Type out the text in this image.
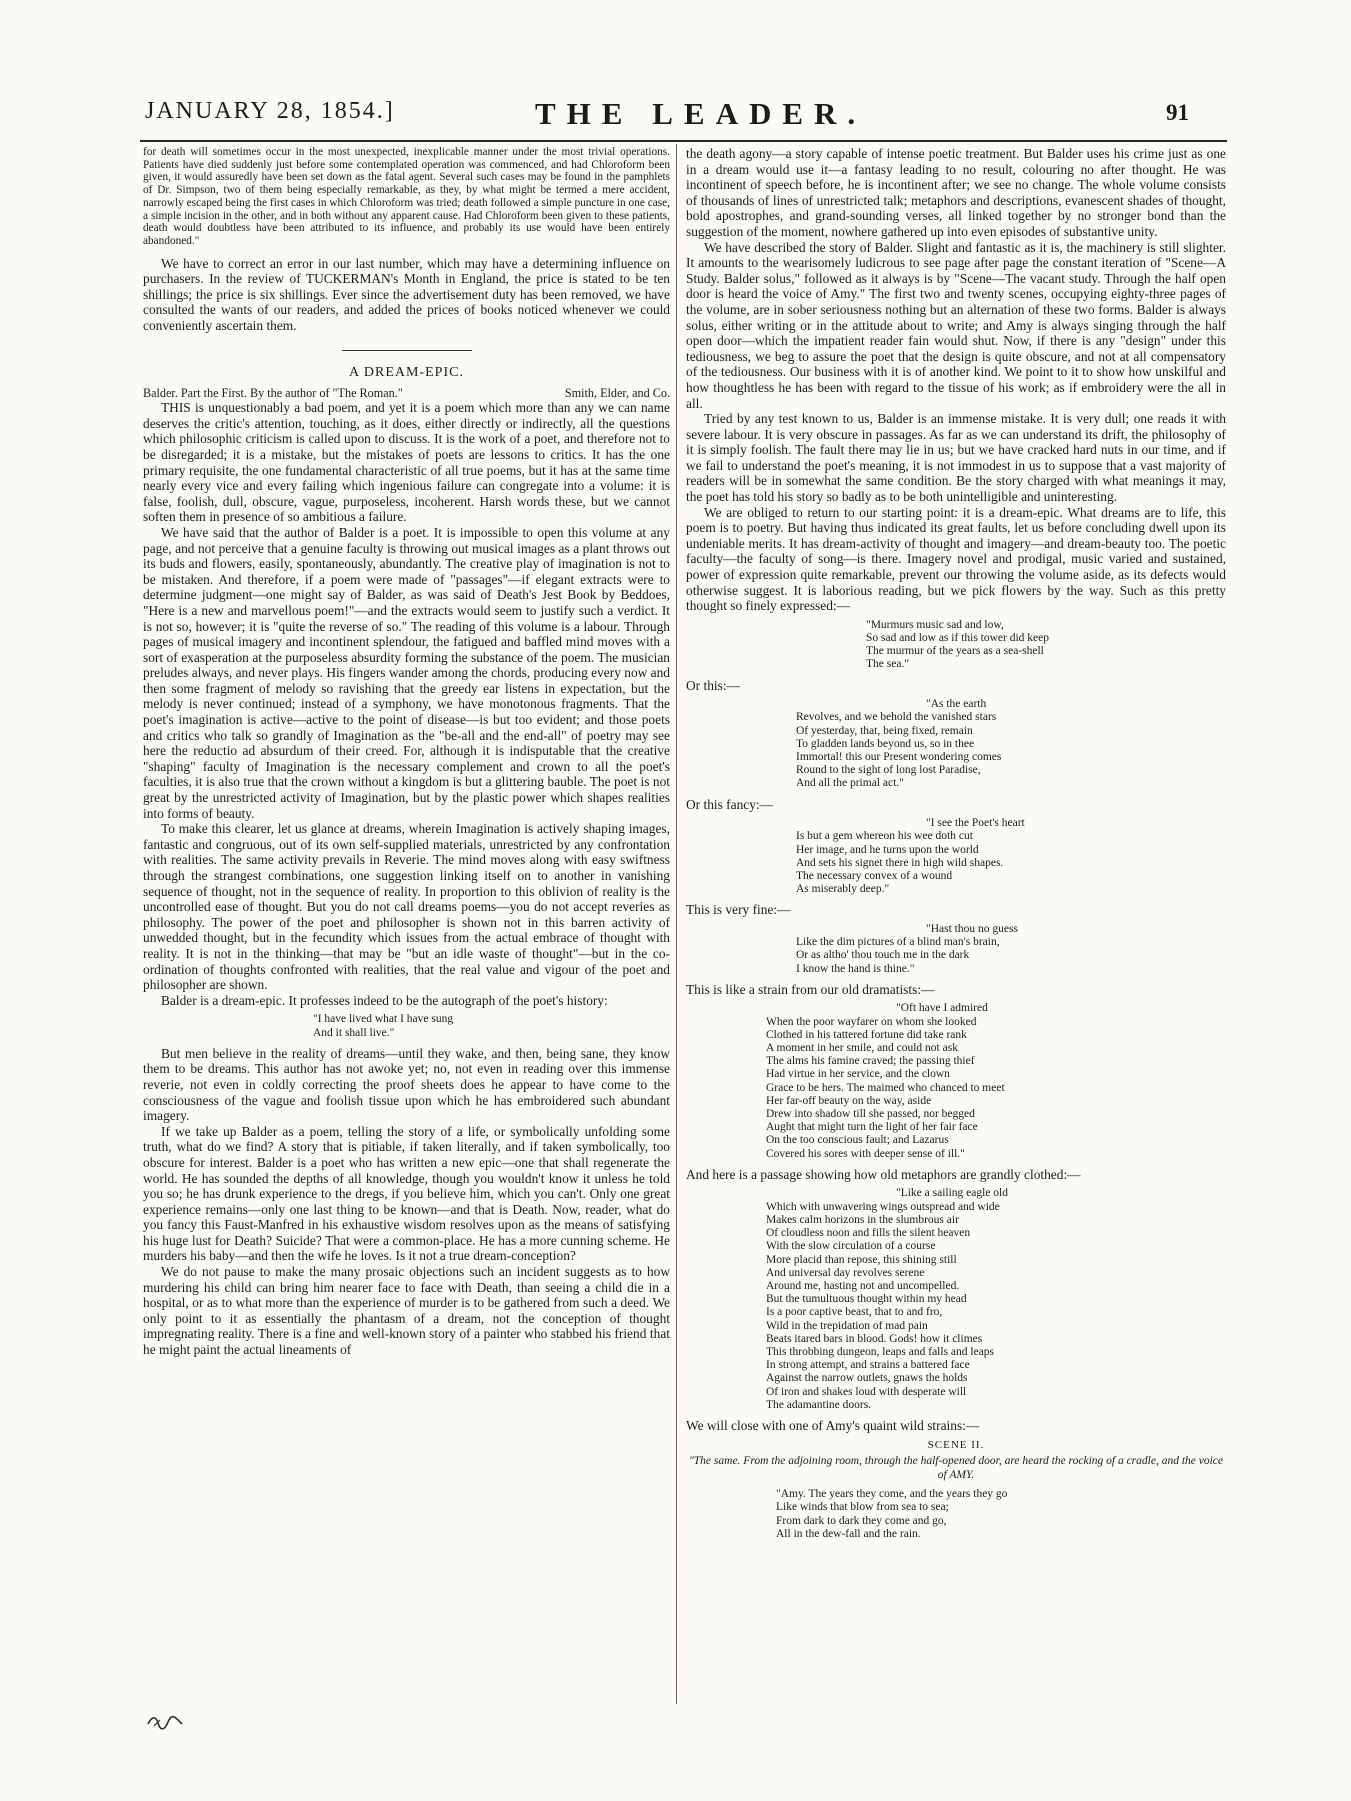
JANUARY 28, 1854.]	THE LEADER.	91

for death will sometimes occur in the most unexpected, inexplicable manner under the most trivial operations. Patients have died suddenly just before some contemplated operation was commenced, and had Chloroform been given, it would assuredly have been set down as the fatal agent. Several such cases may be found in the pamphlets of Dr. Simpson, two of them being especially remarkable, as they, by what might be termed a mere accident, narrowly escaped being the first cases in which Chloroform was tried; death followed a simple puncture in one case, a simple incision in the other, and in both without any apparent cause. Had Chloroform been given to these patients, death would doubtless have been attributed to its influence, and probably its use would have been entirely abandoned."

We have to correct an error in our last number, which may have a determining influence on purchasers. In the review of TUCKERMAN's Month in England, the price is stated to be ten shillings; the price is six shillings. Ever since the advertisement duty has been removed, we have consulted the wants of our readers, and added the prices of books noticed whenever we could conveniently ascertain them.

A DREAM-EPIC.
Balder. Part the First. By the author of "The Roman."	Smith, Elder, and Co.

THIS is unquestionably a bad poem, and yet it is a poem which more than any we can name deserves the critic's attention, touching, as it does, either directly or indirectly, all the questions which philosophic criticism is called upon to discuss. It is the work of a poet, and therefore not to be disregarded; it is a mistake, but the mistakes of poets are lessons to critics. It has the one primary requisite, the one fundamental characteristic of all true poems, but it has at the same time nearly every vice and every failing which ingenious failure can congregate into a volume: it is false, foolish, dull, obscure, vague, purposeless, incoherent. Harsh words these, but we cannot soften them in presence of so ambitious a failure.

We have said that the author of Balder is a poet. It is impossible to open this volume at any page, and not perceive that a genuine faculty is throwing out musical images as a plant throws out its buds and flowers, easily, spontaneously, abundantly. The creative play of imagination is not to be mistaken. And therefore, if a poem were made of "passages"—if elegant extracts were to determine judgment—one might say of Balder, as was said of Death's Jest Book by Beddoes, "Here is a new and marvellous poem!"—and the extracts would seem to justify such a verdict. It is not so, however; it is "quite the reverse of so." The reading of this volume is a labour. Through pages of musical imagery and incontinent splendour, the fatigued and baffled mind moves with a sort of exasperation at the purposeless absurdity forming the substance of the poem. The musician preludes always, and never plays. His fingers wander among the chords, producing every now and then some fragment of melody so ravishing that the greedy ear listens in expectation, but the melody is never continued; instead of a symphony, we have monotonous fragments. That the poet's imagination is active—active to the point of disease—is but too evident; and those poets and critics who talk so grandly of Imagination as the "be-all and the end-all" of poetry may see here the reductio ad absurdum of their creed. For, although it is indisputable that the creative "shaping" faculty of Imagination is the necessary complement and crown to all the poet's faculties, it is also true that the crown without a kingdom is but a glittering bauble. The poet is not great by the unrestricted activity of Imagination, but by the plastic power which shapes realities into forms of beauty.

To make this clearer, let us glance at dreams, wherein Imagination is actively shaping images, fantastic and congruous, out of its own self-supplied materials, unrestricted by any confrontation with realities. The same activity prevails in Reverie. The mind moves along with easy swiftness through the strangest combinations, one suggestion linking itself on to another in vanishing sequence of thought, not in the sequence of reality. In proportion to this oblivion of reality is the uncontrolled ease of thought. But you do not call dreams poems—you do not accept reveries as philosophy. The power of the poet and philosopher is shown not in this barren activity of unwedded thought, but in the fecundity which issues from the actual embrace of thought with reality. It is not in the thinking—that may be "but an idle waste of thought"—but in the co-ordination of thoughts confronted with realities, that the real value and vigour of the poet and philosopher are shown.

Balder is a dream-epic. It professes indeed to be the autograph of the poet's history:

"I have lived what I have sung
And it shall live."

But men believe in the reality of dreams—until they wake, and then, being sane, they know them to be dreams. This author has not awoke yet; no, not even in reading over this immense reverie, not even in coldly correcting the proof sheets does he appear to have come to the consciousness of the vague and foolish tissue upon which he has embroidered such abundant imagery.

If we take up Balder as a poem, telling the story of a life, or symbolically unfolding some truth, what do we find? A story that is pitiable, if taken literally, and if taken symbolically, too obscure for interest. Balder is a poet who has written a new epic—one that shall regenerate the world. He has sounded the depths of all knowledge, though you wouldn't know it unless he told you so; he has drunk experience to the dregs, if you believe him, which you can't. Only one great experience remains—only one last thing to be known—and that is Death. Now, reader, what do you fancy this Faust-Manfred in his exhaustive wisdom resolves upon as the means of satisfying his huge lust for Death? Suicide? That were a common-place. He has a more cunning scheme. He murders his baby—and then the wife he loves. Is it not a true dream-conception?

We do not pause to make the many prosaic objections such an incident suggests as to how murdering his child can bring him nearer face to face with Death, than seeing a child die in a hospital, or as to what more than the experience of murder is to be gathered from such a deed. We only point to it as essentially the phantasm of a dream, not the conception of thought impregnating reality. There is a fine and well-known story of a painter who stabbed his friend that he might paint the actual lineaments of

the death agony—a story capable of intense poetic treatment. But Balder uses his crime just as one in a dream would use it—a fantasy leading to no result, colouring no after thought. He was incontinent of speech before, he is incontinent after; we see no change. The whole volume consists of thousands of lines of unrestricted talk; metaphors and descriptions, evanescent shades of thought, bold apostrophes, and grand-sounding verses, all linked together by no stronger bond than the suggestion of the moment, nowhere gathered up into even episodes of substantive unity.

We have described the story of Balder. Slight and fantastic as it is, the machinery is still slighter. It amounts to the wearisomely ludicrous to see page after page the constant iteration of "Scene—A Study. Balder solus," followed as it always is by "Scene—The vacant study. Through the half open door is heard the voice of Amy." The first two and twenty scenes, occupying eighty-three pages of the volume, are in sober seriousness nothing but an alternation of these two forms. Balder is always solus, either writing or in the attitude about to write; and Amy is always singing through the half open door—which the impatient reader fain would shut. Now, if there is any "design" under this tediousness, we beg to assure the poet that the design is quite obscure, and not at all compensatory of the tediousness. Our business with it is of another kind. We point to it to show how unskilful and how thoughtless he has been with regard to the tissue of his work; as if embroidery were the all in all.

Tried by any test known to us, Balder is an immense mistake. It is very dull; one reads it with severe labour. It is very obscure in passages. As far as we can understand its drift, the philosophy of it is simply foolish. The fault there may lie in us; but we have cracked hard nuts in our time, and if we fail to understand the poet's meaning, it is not immodest in us to suppose that a vast majority of readers will be in somewhat the same condition. Be the story charged with what meanings it may, the poet has told his story so badly as to be both unintelligible and uninteresting.

We are obliged to return to our starting point: it is a dream-epic. What dreams are to life, this poem is to poetry. But having thus indicated its great faults, let us before concluding dwell upon its undeniable merits. It has dream-activity of thought and imagery—and dream-beauty too. The poetic faculty—the faculty of song—is there. Imagery novel and prodigal, music varied and sustained, power of expression quite remarkable, prevent our throwing the volume aside, as its defects would otherwise suggest. It is laborious reading, but we pick flowers by the way. Such as this pretty thought so finely expressed:—

"Murmurs music sad and low,
So sad and low as if this tower did keep
The murmur of the years as a sea-shell
The sea."

Or this:—

"As the earth
Revolves, and we behold the vanished stars
Of yesterday, that, being fixed, remain
To gladden lands beyond us, so in thee
Immortal! this our Present wondering comes
Round to the sight of long lost Paradise,
And all the primal act."

Or this fancy:—

"I see the Poet's heart
Is but a gem whereon his wee doth cut
Her image, and he turns upon the world
And sets his signet there in high wild shapes.
The necessary convex of a wound
As miserably deep."

This is very fine:—

"Hast thou no guess
Like the dim pictures of a blind man's brain,
Or as altho' thou touch me in the dark
I know the hand is thine."

This is like a strain from our old dramatists:—

"Oft have I admired
When the poor wayfarer on whom she looked
Clothed in his tattered fortune did take rank
A moment in her smile, and could not ask
The alms his famine craved; the passing thief
Had virtue in her service, and the clown
Grace to be hers. The maimed who chanced to meet
Her far-off beauty on the way, aside
Drew into shadow till she passed, nor begged
Aught that might turn the light of her fair face
On the too conscious fault; and Lazarus
Covered his sores with deeper sense of ill."

And here is a passage showing how old metaphors are grandly clothed:—

"Like a sailing eagle old
Which with unwavering wings outspread and wide
Makes calm horizons in the slumbrous air
Of cloudless noon and fills the silent heaven
With the slow circulation of a course
More placid than repose, this shining still
And universal day revolves serene
Around me, hasting not and uncompelled.
But the tumultuous thought within my head
Is a poor captive beast, that to and fro,
Wild in the trepidation of mad pain
Beats itared bars in blood. Gods! how it climes
This throbbing dungeon, leaps and falls and leaps
In strong attempt, and strains a battered face
Against the narrow outlets, gnaws the holds
Of iron and shakes loud with desperate will
The adamantine doors.

We will close with one of Amy's quaint wild strains:—

SCENE II.
"The same. From the adjoining room, through the half-opened door, are heard the rocking of a cradle, and the voice of AMY.
"Amy. The years they come, and the years they go
Like winds that blow from sea to sea;
From dark to dark they come and go,
All in the dew-fall and the rain.
